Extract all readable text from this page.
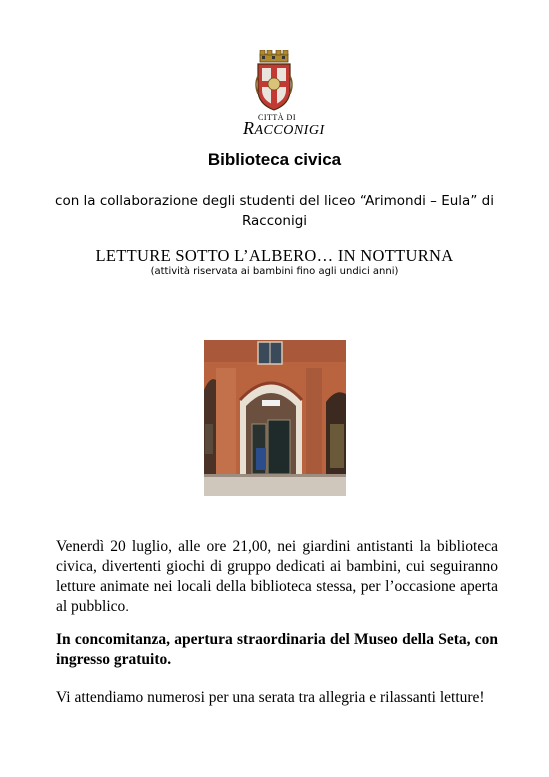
CITTÀ DI
RACCONIGI
Biblioteca civica
con la collaborazione degli studenti del liceo “Arimondi – Eula” di Racconigi
LETTURE SOTTO L’ALBERO… IN NOTTURNA
(attività riservata ai bambini fino agli undici anni)
Venerdì 20 luglio, alle ore 21,00, nei giardini antistanti la biblioteca civica, divertenti giochi di gruppo dedicati ai bambini, cui seguiranno letture animate nei locali della biblioteca stessa, per l’occasione aperta al pubblico.
In concomitanza, apertura straordinaria del Museo della Seta, con ingresso gratuito.
Vi attendiamo numerosi per una serata tra allegria e rilassanti letture!
